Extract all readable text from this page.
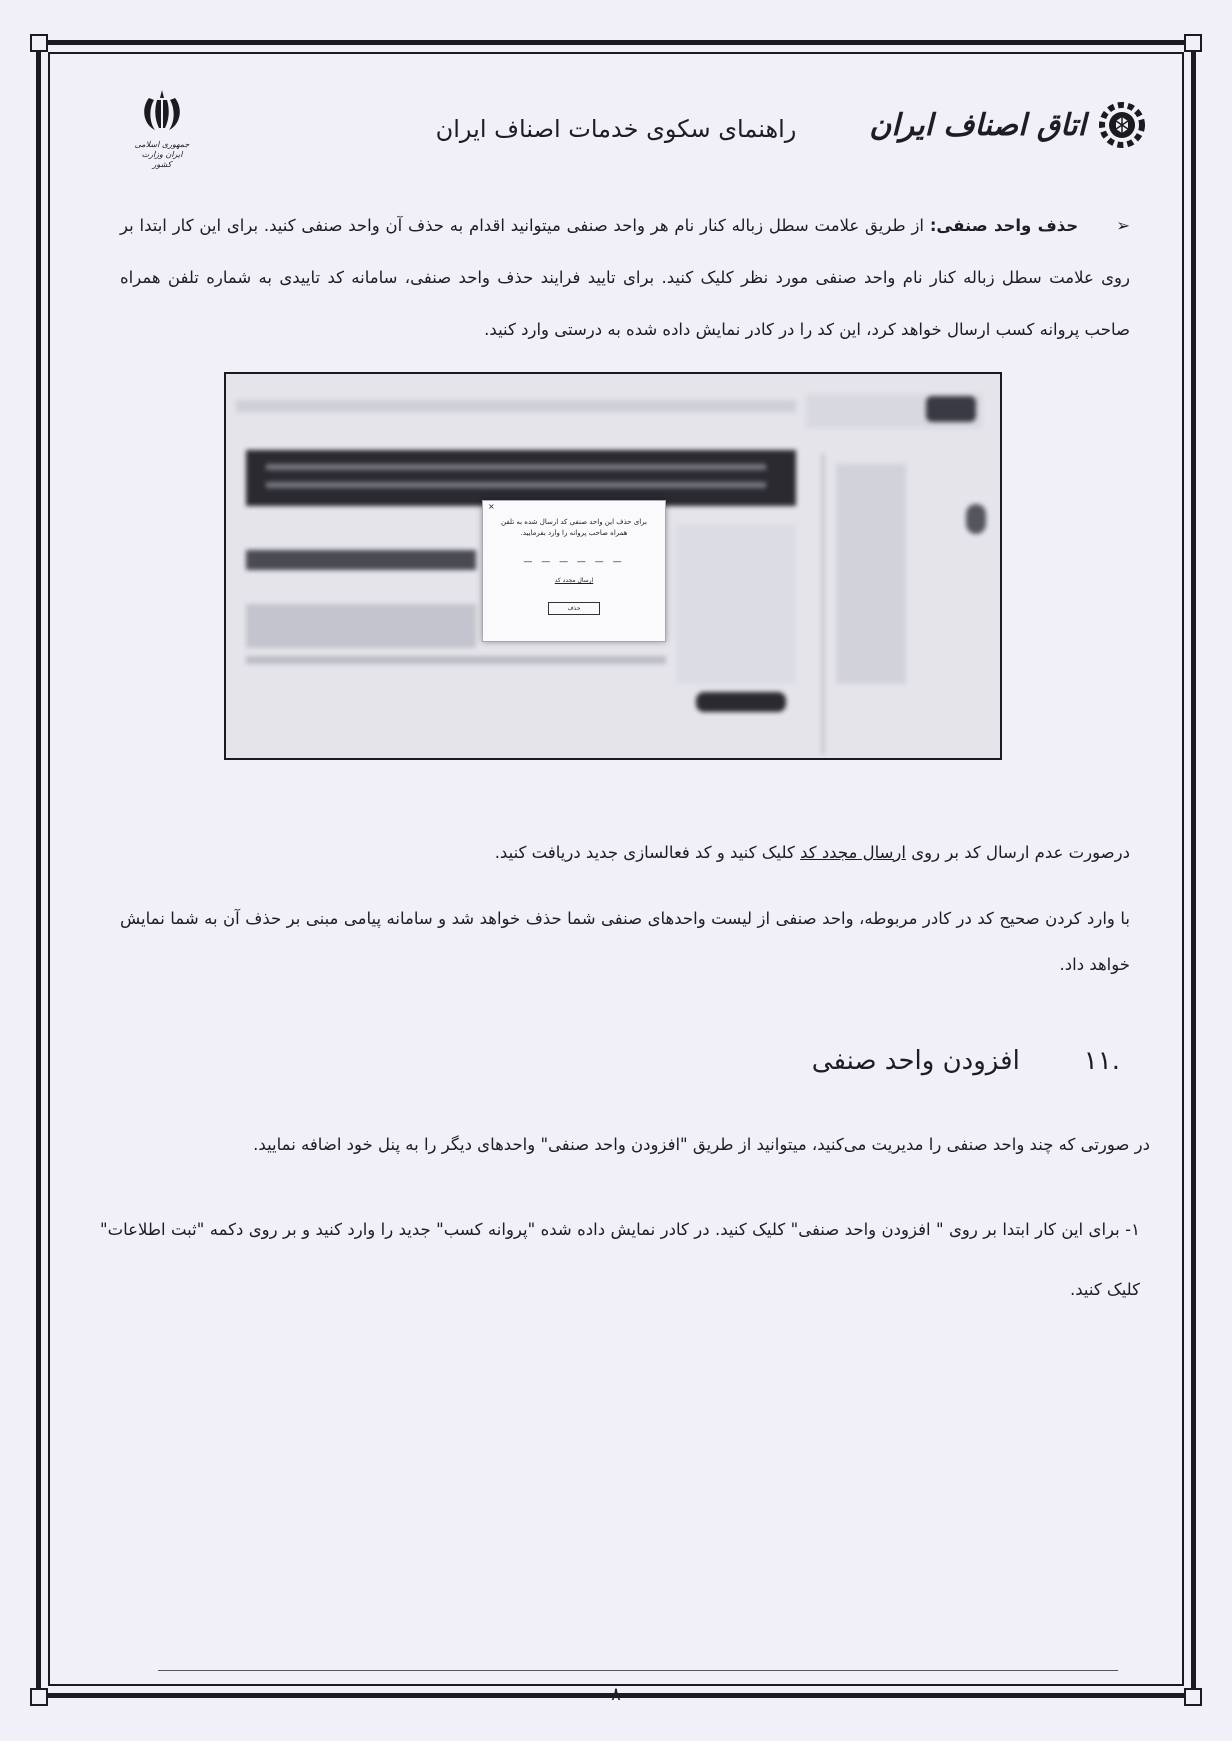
اتاق اصناف ایران
راهنمای سکوی خدمات اصناف ایران
جمهوری اسلامی ایران وزارت کشور

➢حذف واحد صنفی: از طریق علامت سطل زباله کنار نام هر واحد صنفی میتوانید اقدام به حذف آن واحد صنفی کنید. برای این کار ابتدا بر روی علامت سطل زباله کنار نام واحد صنفی مورد نظر کلیک کنید. برای تایید فرایند حذف واحد صنفی، سامانه کد تاییدی به شماره تلفن همراه صاحب پروانه کسب ارسال خواهد کرد، این کد را در کادر نمایش داده شده به درستی وارد کنید.

×
برای حذف این واحد صنفی کد ارسال شده به تلفن همراه صاحب پروانه را وارد بفرمایید.
— — — — — —
ارسال مجدد کد
حذف

درصورت عدم ارسال کد بر روی ارسال مجدد کد کلیک کنید و کد فعالسازی جدید دریافت کنید.

با وارد کردن صحیح کد در کادر مربوطه، واحد صنفی از لیست واحدهای صنفی شما حذف خواهد شد و سامانه پیامی مبنی بر حذف آن به شما نمایش خواهد داد.

.۱۱
افزودن واحد صنفی

در صورتی که چند واحد صنفی را مدیریت می‌کنید، میتوانید از طریق "افزودن واحد صنفی" واحدهای دیگر را به پنل خود اضافه نمایید.

۱- برای این کار ابتدا بر روی " افزودن واحد صنفی" کلیک کنید. در کادر نمایش داده شده "پروانه کسب" جدید را وارد کنید و بر روی دکمه "ثبت اطلاعات" کلیک کنید.

۸
